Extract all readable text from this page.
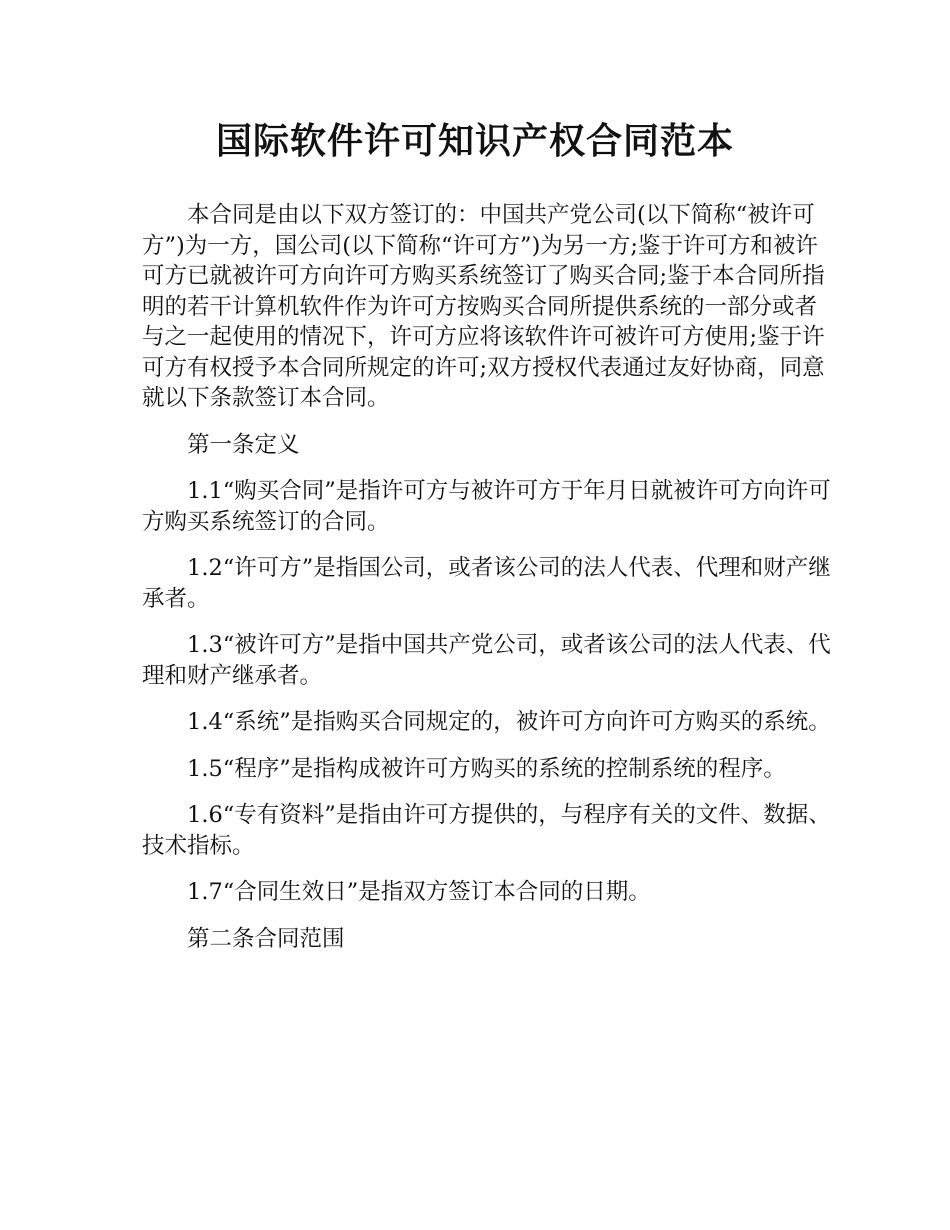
国际软件许可知识产权合同范本

本合同是由以下双方签订的：中国共产党公司(以下简称“被许可方”)为一方，国公司(以下简称“许可方”)为另一方;鉴于许可方和被许可方已就被许可方向许可方购买系统签订了购买合同;鉴于本合同所指明的若干计算机软件作为许可方按购买合同所提供系统的一部分或者与之一起使用的情况下，许可方应将该软件许可被许可方使用;鉴于许可方有权授予本合同所规定的许可;双方授权代表通过友好协商，同意就以下条款签订本合同。

第一条定义

1.1“购买合同”是指许可方与被许可方于年月日就被许可方向许可方购买系统签订的合同。

1.2“许可方”是指国公司，或者该公司的法人代表、代理和财产继承者。

1.3“被许可方”是指中国共产党公司，或者该公司的法人代表、代理和财产继承者。

1.4“系统”是指购买合同规定的，被许可方向许可方购买的系统。

1.5“程序”是指构成被许可方购买的系统的控制系统的程序。

1.6“专有资料”是指由许可方提供的，与程序有关的文件、数据、技术指标。

1.7“合同生效日”是指双方签订本合同的日期。

第二条合同范围
